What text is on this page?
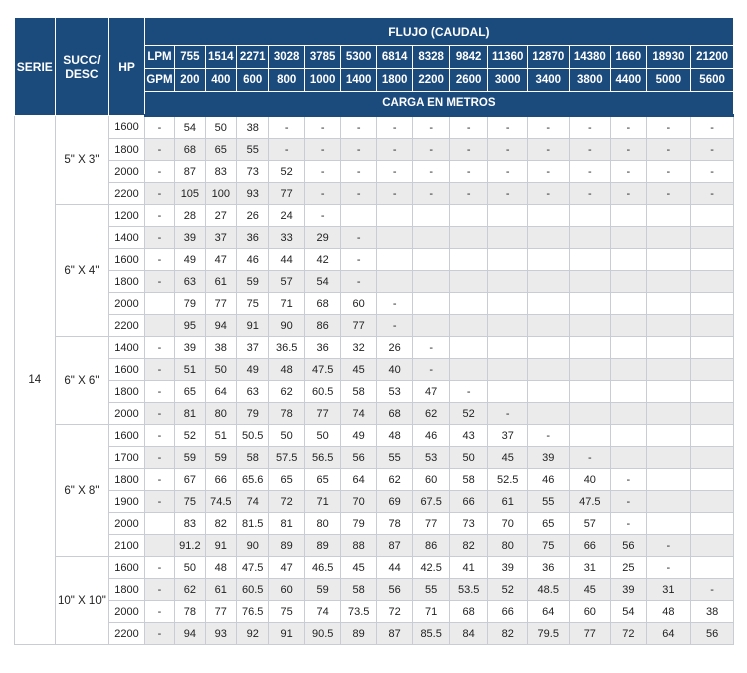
SERIE	SUCC/
DESC	HP	FLUJO (CAUDAL)															
			LPM	755	1514	2271	3028	3785	5300	6814	8328	9842	11360	12870	14380	1660	18930	21200
			GPM	200	400	600	800	1000	1400	1800	2200	2600	3000	3400	3800	4400	5000	5600
			CARGA EN METROS															
14	5" X 3"	1600	-	54	50	38	-	-	-	-	-	-	-	-	-	-	-	-
		1800	-	68	65	55	-	-	-	-	-	-	-	-	-	-	-	-
		2000	-	87	83	73	52	-	-	-	-	-	-	-	-	-	-	-
		2200	-	105	100	93	77	-	-	-	-	-	-	-	-	-	-	-
	6" X 4"	1200	-	28	27	26	24	-										
		1400	-	39	37	36	33	29	-									
		1600	-	49	47	46	44	42	-									
		1800	-	63	61	59	57	54	-									
		2000		79	77	75	71	68	60	-								
		2200		95	94	91	90	86	77	-								
	6" X 6"	1400	-	39	38	37	36.5	36	32	26	-							
		1600	-	51	50	49	48	47.5	45	40	-							
		1800	-	65	64	63	62	60.5	58	53	47	-						
		2000	-	81	80	79	78	77	74	68	62	52	-					
	6" X 8"	1600	-	52	51	50.5	50	50	49	48	46	43	37	-				
		1700	-	59	59	58	57.5	56.5	56	55	53	50	45	39	-			
		1800	-	67	66	65.6	65	65	64	62	60	58	52.5	46	40	-		
		1900	-	75	74.5	74	72	71	70	69	67.5	66	61	55	47.5	-		
		2000		83	82	81.5	81	80	79	78	77	73	70	65	57	-		
		2100		91.2	91	90	89	89	88	87	86	82	80	75	66	56	-	
	10" X 10"	1600	-	50	48	47.5	47	46.5	45	44	42.5	41	39	36	31	25	-	
		1800	-	62	61	60.5	60	59	58	56	55	53.5	52	48.5	45	39	31	-
		2000	-	78	77	76.5	75	74	73.5	72	71	68	66	64	60	54	48	38
		2200	-	94	93	92	91	90.5	89	87	85.5	84	82	79.5	77	72	64	56
